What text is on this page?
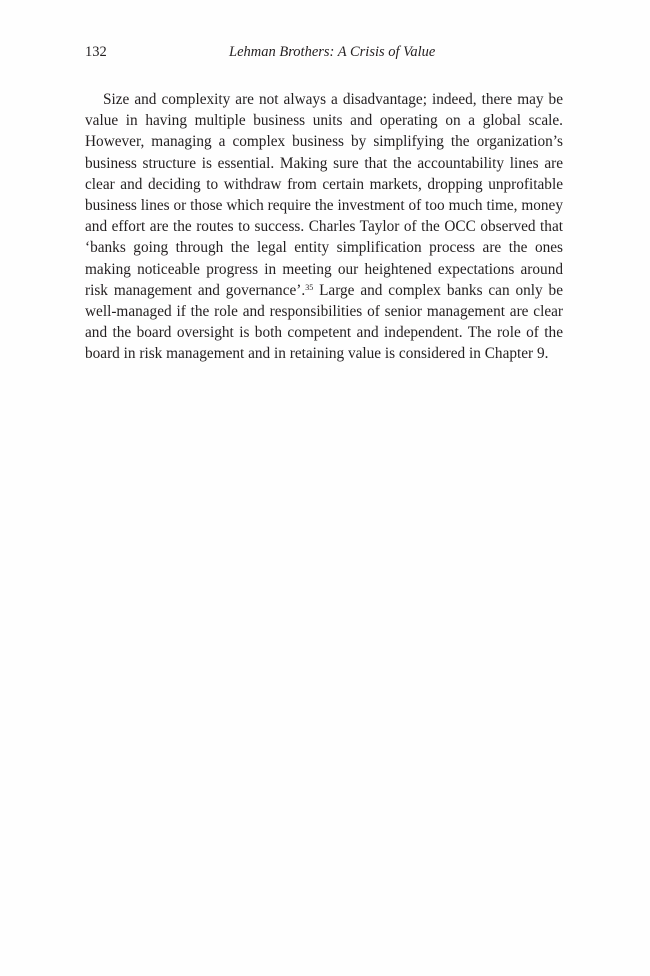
132	Lehman Brothers: A Crisis of Value

Size and complexity are not always a disadvantage; indeed, there may be value in having multiple business units and operating on a global scale. However, managing a complex business by simplifying the organization’s business structure is essential. Making sure that the accountability lines are clear and deciding to withdraw from certain markets, dropping unprofitable business lines or those which require the investment of too much time, money and effort are the routes to success. Charles Taylor of the OCC observed that ‘banks going through the legal entity simplification process are the ones making noticeable progress in meeting our heightened expectations around risk management and governance’.$^{35}$ Large and complex banks can only be well-managed if the role and responsibilities of senior management are clear and the board oversight is both competent and independent. The role of the board in risk management and in retaining value is considered in Chapter 9.
